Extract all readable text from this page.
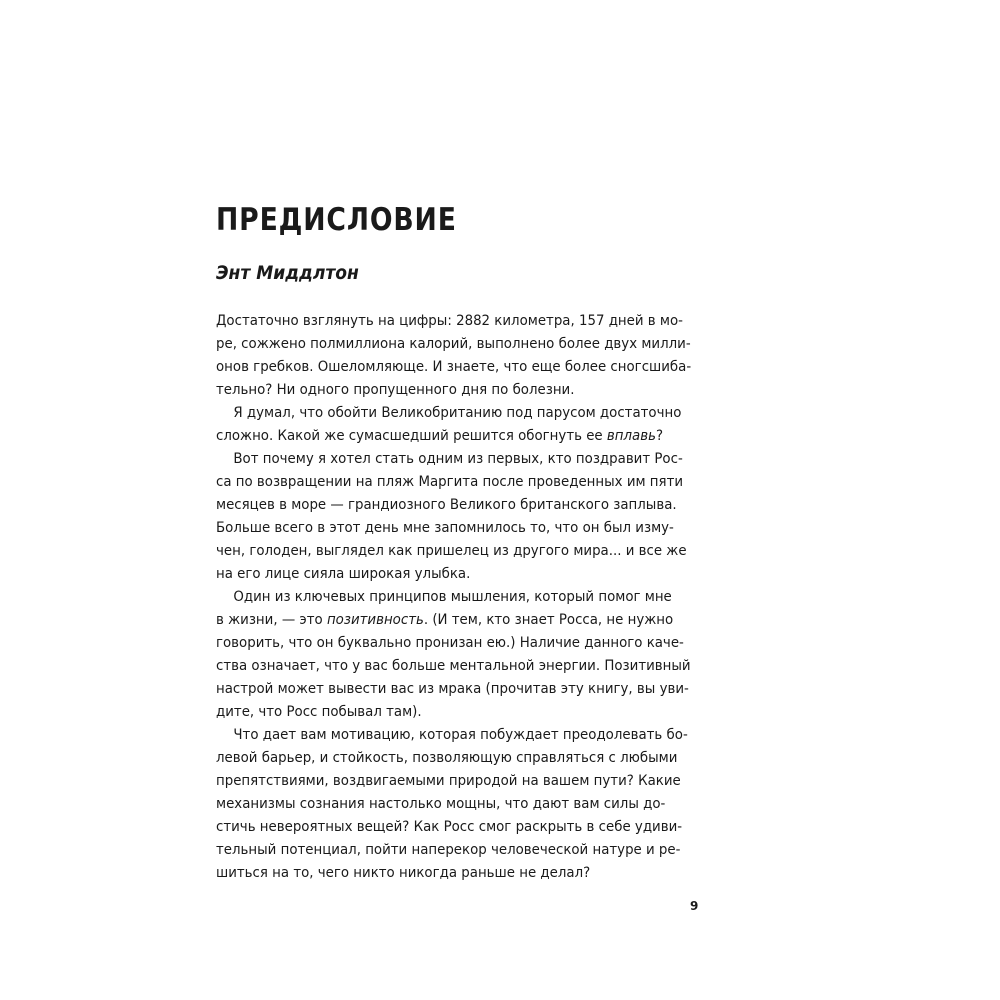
ПРЕДИСЛОВИЕ
Энт Миддлтон
Достаточно взглянуть на цифры: 2882 километра, 157 дней в мо-
ре, сожжено полмиллиона калорий, выполнено более двух милли-
онов гребков. Ошеломляюще. И знаете, что еще более сногсшиба-
тельно? Ни одного пропущенного дня по болезни.
Я думал, что обойти Великобританию под парусом достаточно
сложно. Какой же сумасшедший решится обогнуть ее вплавь?
Вот почему я хотел стать одним из первых, кто поздравит Рос-
са по возвращении на пляж Маргита после проведенных им пяти
месяцев в море — грандиозного Великого британского заплыва.
Больше всего в этот день мне запомнилось то, что он был изму-
чен, голоден, выглядел как пришелец из другого мира... и все же
на его лице сияла широкая улыбка.
Один из ключевых принципов мышления, который помог мне
в жизни, — это позитивность. (И тем, кто знает Росса, не нужно
говорить, что он буквально пронизан ею.) Наличие данного каче-
ства означает, что у вас больше ментальной энергии. Позитивный
настрой может вывести вас из мрака (прочитав эту книгу, вы уви-
дите, что Росс побывал там).
Что дает вам мотивацию, которая побуждает преодолевать бо-
левой барьер, и стойкость, позволяющую справляться с любыми
препятствиями, воздвигаемыми природой на вашем пути? Какие
механизмы сознания настолько мощны, что дают вам силы до-
стичь невероятных вещей? Как Росс смог раскрыть в себе удиви-
тельный потенциал, пойти наперекор человеческой натуре и ре-
шиться на то, чего никто никогда раньше не делал?
9
